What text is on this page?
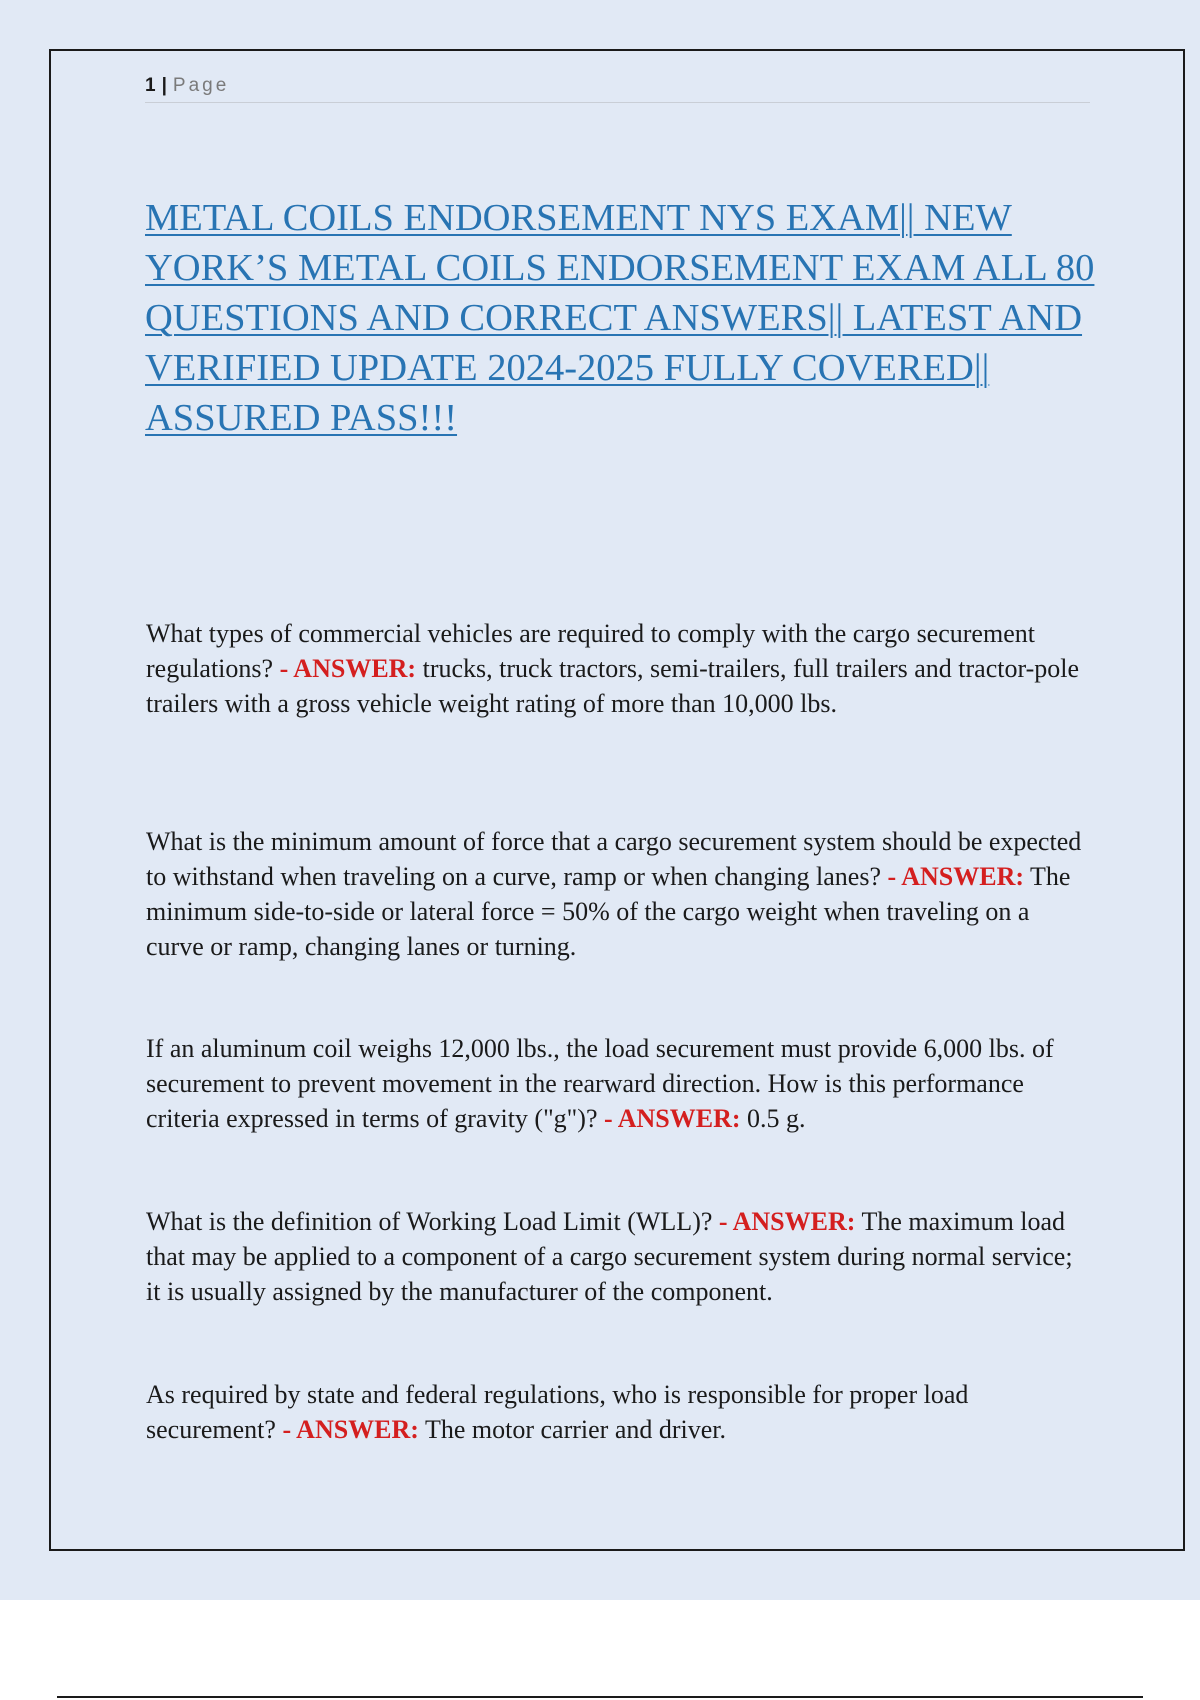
1 | Page
METAL COILS ENDORSEMENT NYS EXAM|| NEW YORK’S METAL COILS ENDORSEMENT EXAM ALL 80 QUESTIONS AND CORRECT ANSWERS|| LATEST AND VERIFIED UPDATE 2024-2025 FULLY COVERED|| ASSURED PASS!!!

What types of commercial vehicles are required to comply with the cargo securement regulations? - ANSWER: trucks, truck tractors, semi-trailers, full trailers and tractor-pole trailers with a gross vehicle weight rating of more than 10,000 lbs.

What is the minimum amount of force that a cargo securement system should be expected to withstand when traveling on a curve, ramp or when changing lanes? - ANSWER: The minimum side-to-side or lateral force = 50% of the cargo weight when traveling on a curve or ramp, changing lanes or turning.

If an aluminum coil weighs 12,000 lbs., the load securement must provide 6,000 lbs. of securement to prevent movement in the rearward direction. How is this performance criteria expressed in terms of gravity ("g")? - ANSWER: 0.5 g.

What is the definition of Working Load Limit (WLL)? - ANSWER: The maximum load that may be applied to a component of a cargo securement system during normal service; it is usually assigned by the manufacturer of the component.

As required by state and federal regulations, who is responsible for proper load securement? - ANSWER: The motor carrier and driver.
